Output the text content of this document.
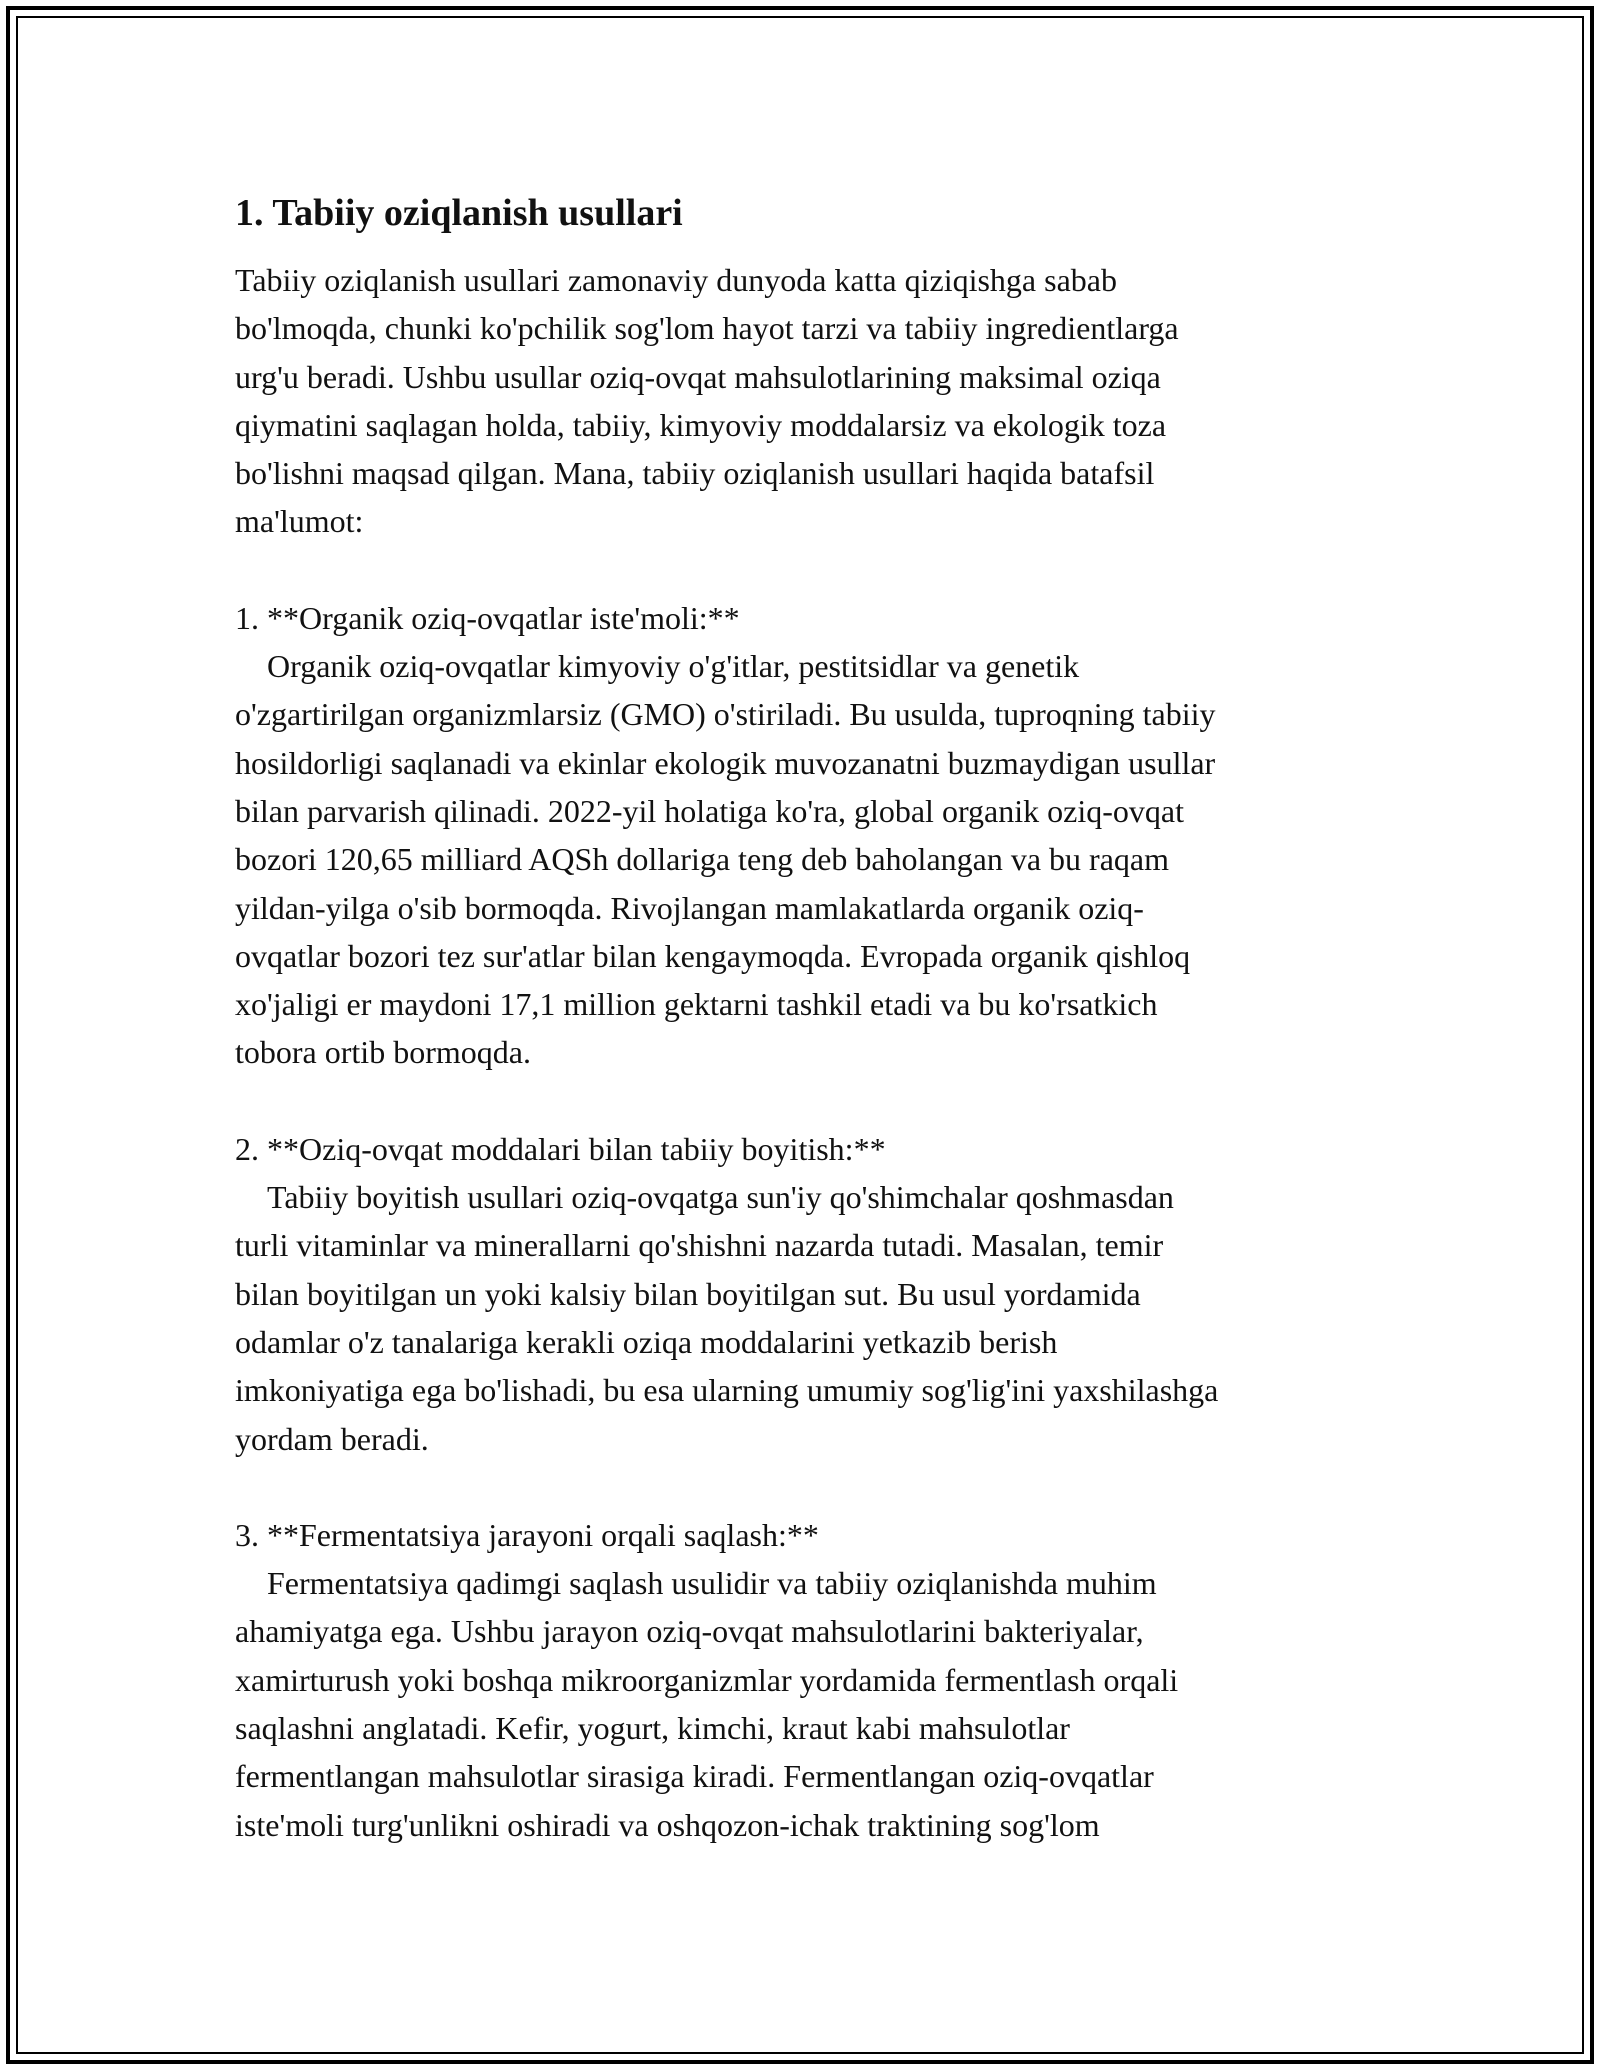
1. Tabiiy oziqlanish usullari

Tabiiy oziqlanish usullari zamonaviy dunyoda katta qiziqishga sabab
bo'lmoqda, chunki ko'pchilik sog'lom hayot tarzi va tabiiy ingredientlarga
urg'u beradi. Ushbu usullar oziq-ovqat mahsulotlarining maksimal oziqa
qiymatini saqlagan holda, tabiiy, kimyoviy moddalarsiz va ekologik toza
bo'lishni maqsad qilgan. Mana, tabiiy oziqlanish usullari haqida batafsil
ma'lumot:

1. **Organik oziq-ovqatlar iste'moli:**

 Organik oziq-ovqatlar kimyoviy o'g'itlar, pestitsidlar va genetik
o'zgartirilgan organizmlarsiz (GMO) o'stiriladi. Bu usulda, tuproqning tabiiy
hosildorligi saqlanadi va ekinlar ekologik muvozanatni buzmaydigan usullar
bilan parvarish qilinadi. 2022-yil holatiga ko'ra, global organik oziq-ovqat
bozori 120,65 milliard AQSh dollariga teng deb baholangan va bu raqam
yildan-yilga o'sib bormoqda. Rivojlangan mamlakatlarda organik oziq-
ovqatlar bozori tez sur'atlar bilan kengaymoqda. Evropada organik qishloq
xo'jaligi er maydoni 17,1 million gektarni tashkil etadi va bu ko'rsatkich
tobora ortib bormoqda.

2. **Oziq-ovqat moddalari bilan tabiiy boyitish:**

 Tabiiy boyitish usullari oziq-ovqatga sun'iy qo'shimchalar qoshmasdan
turli vitaminlar va minerallarni qo'shishni nazarda tutadi. Masalan, temir
bilan boyitilgan un yoki kalsiy bilan boyitilgan sut. Bu usul yordamida
odamlar o'z tanalariga kerakli oziqa moddalarini yetkazib berish
imkoniyatiga ega bo'lishadi, bu esa ularning umumiy sog'lig'ini yaxshilashga
yordam beradi.

3. **Fermentatsiya jarayoni orqali saqlash:**

 Fermentatsiya qadimgi saqlash usulidir va tabiiy oziqlanishda muhim
ahamiyatga ega. Ushbu jarayon oziq-ovqat mahsulotlarini bakteriyalar,
xamirturush yoki boshqa mikroorganizmlar yordamida fermentlash orqali
saqlashni anglatadi. Kefir, yogurt, kimchi, kraut kabi mahsulotlar
fermentlangan mahsulotlar sirasiga kiradi. Fermentlangan oziq-ovqatlar
iste'moli turg'unlikni oshiradi va oshqozon-ichak traktining sog'lom
